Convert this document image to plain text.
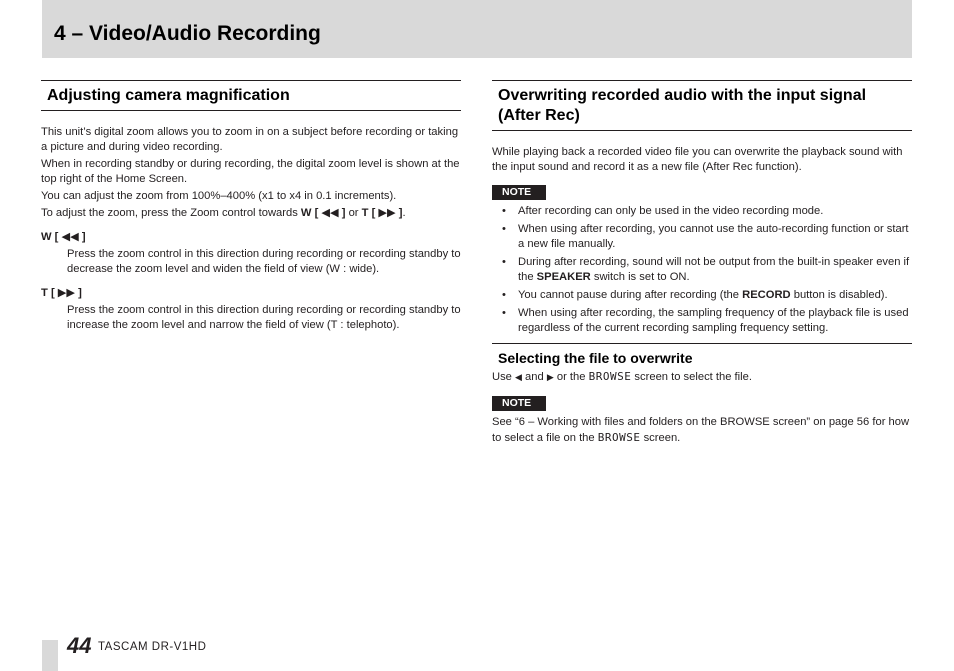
4 – Video/Audio Recording
Adjusting camera magnification

This unit’s digital zoom allows you to zoom in on a subject before recording or taking a picture and during video recording.

When in recording standby or during recording, the digital zoom level is shown at the top right of the Home Screen.

You can adjust the zoom from 100%–400% (x1 to x4 in 0.1 increments).

To adjust the zoom, press the Zoom control towards W [ ◀◀ ] or T [ ▶▶ ].

W [ ◀◀ ]
Press the zoom control in this direction during recording or recording standby to decrease the zoom level and widen the field of view (W : wide).
T [ ▶▶ ]
Press the zoom control in this direction during recording or recording standby to increase the zoom level and narrow the field of view (T : telephoto).
Overwriting recorded audio with the input signal (After Rec)

While playing back a recorded video file you can overwrite the playback sound with the input sound and record it as a new file (After Rec function).

NOTE
• After recording can only be used in the video recording mode.
• When using after recording, you cannot use the auto-recording function or start a new file manually.
• During after recording, sound will not be output from the built-in speaker even if the SPEAKER switch is set to ON.
• You cannot pause during after recording (the RECORD button is disabled).
• When using after recording, the sampling frequency of the playback file is used regardless of the current recording sampling frequency setting.
Selecting the file to overwrite

Use ◀ and ▶ or the BROWSE screen to select the file.

NOTE

See “6 – Working with files and folders on the BROWSE screen” on page 56 for how to select a file on the BROWSE screen.

44 TASCAM DR-V1HD
